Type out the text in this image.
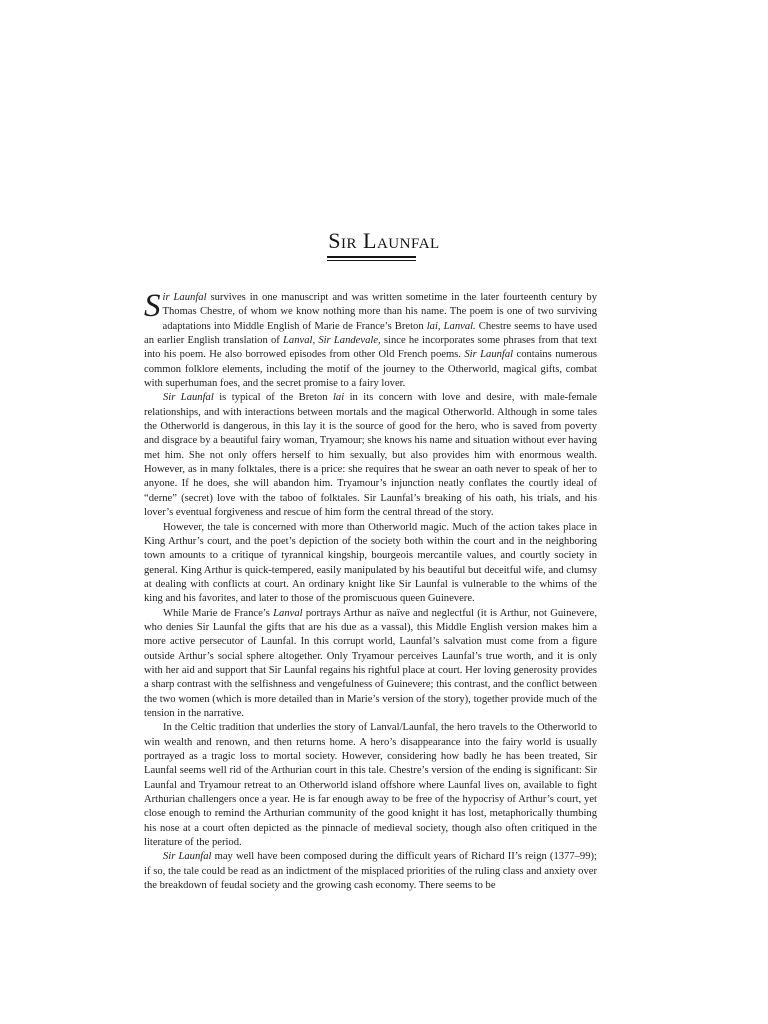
Sir Launfal

Sir Launfal survives in one manuscript and was written sometime in the later fourteenth century by Thomas Chestre, of whom we know nothing more than his name. The poem is one of two surviving adaptations into Middle English of Marie de France’s Breton lai, Lanval. Chestre seems to have used an earlier English translation of Lanval, Sir Landevale, since he incorporates some phrases from that text into his poem. He also borrowed episodes from other Old French poems. Sir Launfal contains numerous common folklore elements, including the motif of the journey to the Otherworld, magical gifts, combat with superhuman foes, and the secret promise to a fairy lover.

Sir Launfal is typical of the Breton lai in its concern with love and desire, with male-female relationships, and with interactions between mortals and the magical Otherworld. Although in some tales the Otherworld is dangerous, in this lay it is the source of good for the hero, who is saved from poverty and disgrace by a beautiful fairy woman, Tryamour; she knows his name and situation without ever having met him. She not only offers herself to him sexually, but also provides him with enormous wealth. However, as in many folktales, there is a price: she requires that he swear an oath never to speak of her to anyone. If he does, she will abandon him. Tryamour’s injunction neatly conflates the courtly ideal of “derne” (secret) love with the taboo of folktales. Sir Launfal’s breaking of his oath, his trials, and his lover’s eventual forgiveness and rescue of him form the central thread of the story.

However, the tale is concerned with more than Otherworld magic. Much of the action takes place in King Arthur’s court, and the poet’s depiction of the society both within the court and in the neighboring town amounts to a critique of tyrannical kingship, bourgeois mercantile values, and courtly society in general. King Arthur is quick-tempered, easily manipulated by his beautiful but deceitful wife, and clumsy at dealing with conflicts at court. An ordinary knight like Sir Launfal is vulnerable to the whims of the king and his favorites, and later to those of the promiscuous queen Guinevere.

While Marie de France’s Lanval portrays Arthur as naïve and neglectful (it is Arthur, not Guinevere, who denies Sir Launfal the gifts that are his due as a vassal), this Middle English version makes him a more active persecutor of Launfal. In this corrupt world, Launfal’s salvation must come from a figure outside Arthur’s social sphere altogether. Only Tryamour perceives Launfal’s true worth, and it is only with her aid and support that Sir Launfal regains his rightful place at court. Her loving generosity provides a sharp contrast with the selfishness and vengefulness of Guinevere; this contrast, and the conflict between the two women (which is more detailed than in Marie’s version of the story), together provide much of the tension in the narrative.

In the Celtic tradition that underlies the story of Lanval/Launfal, the hero travels to the Otherworld to win wealth and renown, and then returns home. A hero’s disappearance into the fairy world is usually portrayed as a tragic loss to mortal society. However, considering how badly he has been treated, Sir Launfal seems well rid of the Arthurian court in this tale. Chestre’s version of the ending is significant: Sir Launfal and Tryamour retreat to an Otherworld island offshore where Launfal lives on, available to fight Arthurian challengers once a year. He is far enough away to be free of the hypocrisy of Arthur’s court, yet close enough to remind the Arthurian community of the good knight it has lost, metaphorically thumbing his nose at a court often depicted as the pinnacle of medieval society, though also often critiqued in the literature of the period.

Sir Launfal may well have been composed during the difficult years of Richard II’s reign (1377–99); if so, the tale could be read as an indictment of the misplaced priorities of the ruling class and anxiety over the breakdown of feudal society and the growing cash economy. There seems to be
